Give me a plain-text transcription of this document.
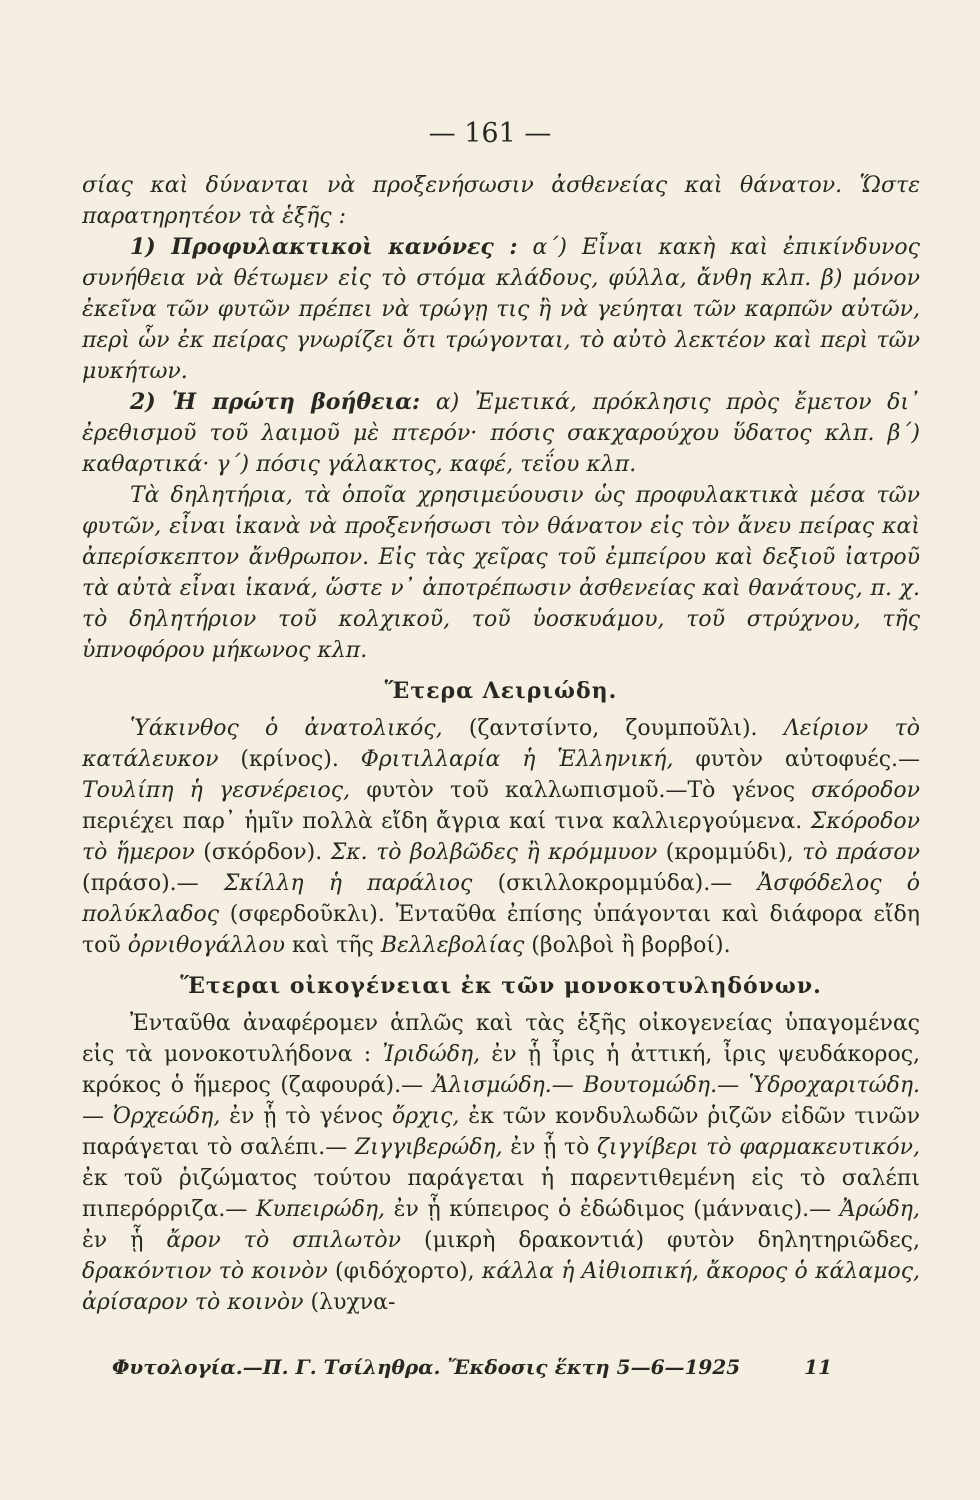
— 161 —

σίας καὶ δύνανται νὰ προξενήσωσιν ἀσθενείας καὶ θάνατον. Ὥστε παρατηρητέον τὰ ἑξῆς :

1) Προφυλακτικοὶ κανόνες : α΄) Εἶναι κακὴ καὶ ἐπικίνδυνος συνήθεια νὰ θέτωμεν εἰς τὸ στόμα κλάδους, φύλλα, ἄνθη κλπ. β) μόνον ἐκεῖνα τῶν φυτῶν πρέπει νὰ τρώγῃ τις ἢ νὰ γεύηται τῶν καρπῶν αὐτῶν, περὶ ὧν ἐκ πείρας γνωρίζει ὅτι τρώγονται, τὸ αὐτὸ λεκτέον καὶ περὶ τῶν μυκήτων.

2) Ἡ πρώτη βοήθεια: α) Ἐμετικά, πρόκλησις πρὸς ἔμετον δι᾽ ἐρεθισμοῦ τοῦ λαιμοῦ μὲ πτερόν· πόσις σακχαρούχου ὕδατος κλπ. β΄) καθαρτικά· γ΄) πόσις γάλακτος, καφέ, τεΐου κλπ.

Τὰ δηλητήρια, τὰ ὁποῖα χρησιμεύουσιν ὡς προφυλακτικὰ μέσα τῶν φυτῶν, εἶναι ἱκανὰ νὰ προξενήσωσι τὸν θάνατον εἰς τὸν ἄνευ πείρας καὶ ἀπερίσκεπτον ἄνθρωπον. Εἰς τὰς χεῖρας τοῦ ἐμπείρου καὶ δεξιοῦ ἰατροῦ τὰ αὐτὰ εἶναι ἱκανά, ὥστε ν᾽ ἀποτρέπωσιν ἀσθενείας καὶ θανάτους, π. χ. τὸ δηλητήριον τοῦ κολχικοῦ, τοῦ ὑοσκυάμου, τοῦ στρύχνου, τῆς ὑπνοφόρου μήκωνος κλπ.

Ἕτερα Λειριώδη.

Ὑάκινθος ὁ ἀνατολικός, (ζαντσίντο, ζουμποῦλι). Λείριον τὸ κατάλευκον (κρίνος). Φριτιλλαρία ἡ Ἑλληνική, φυτὸν αὐτοφυές.— Τουλίπη ἡ γεσνέρειος, φυτὸν τοῦ καλλωπισμοῦ.—Τὸ γένος σκόροδον περιέχει παρ᾽ ἡμῖν πολλὰ εἴδη ἄγρια καί τινα καλλιεργούμενα. Σκόροδον τὸ ἥμερον (σκόρδον). Σκ. τὸ βολβῶδες ἢ κρόμμυον (κρομμύδι), τὸ πράσον (πράσο).— Σκίλλη ἡ παράλιος (σκιλλοκρομμύδα).— Ἀσφόδελος ὁ πολύκλαδος (σφερδοῦκλι). Ἐνταῦθα ἐπίσης ὑπάγονται καὶ διάφορα εἴδη τοῦ ὀρνιθογάλλου καὶ τῆς Βελλεβολίας (βολβοὶ ἢ βορβοί).

Ἕτεραι οἰκογένειαι ἐκ τῶν μονοκοτυληδόνων.

Ἐνταῦθα ἀναφέρομεν ἁπλῶς καὶ τὰς ἑξῆς οἰκογενείας ὑπαγομένας εἰς τὰ μονοκοτυλήδονα : Ἰριδώδη, ἐν ᾗ ἶρις ἡ ἀττική, ἶρις ψευδάκορος, κρόκος ὁ ἥμερος (ζαφουρά).— Ἀλισμώδη.— Βουτομώδη.— Ὑδροχαριτώδη.— Ὀρχεώδη, ἐν ᾗ τὸ γένος ὄρχις, ἐκ τῶν κονδυλωδῶν ῥιζῶν εἰδῶν τινῶν παράγεται τὸ σαλέπι.— Ζιγγιβερώδη, ἐν ᾗ τὸ ζιγγίβερι τὸ φαρμακευτικόν, ἐκ τοῦ ῥιζώματος τούτου παράγεται ἡ παρεντιθεμένη εἰς τὸ σαλέπι πιπερόρριζα.— Κυπειρώδη, ἐν ᾗ κύπειρος ὁ ἐδώδιμος (μάνναις).— Ἀρώδη, ἐν ᾗ ἄρον τὸ σπιλωτὸν (μικρὴ δρακοντιά) φυτὸν δηλητηριῶδες, δρακόντιον τὸ κοινὸν (φιδόχορτο), κάλλα ἡ Αἰθιοπική, ἄκορος ὁ κάλαμος, ἀρίσαρον τὸ κοινὸν (λυχνα-

Φυτολογία.—Π. Γ. Τσίληθρα. Ἔκδοσις ἕκτη 5—6—1925	11
